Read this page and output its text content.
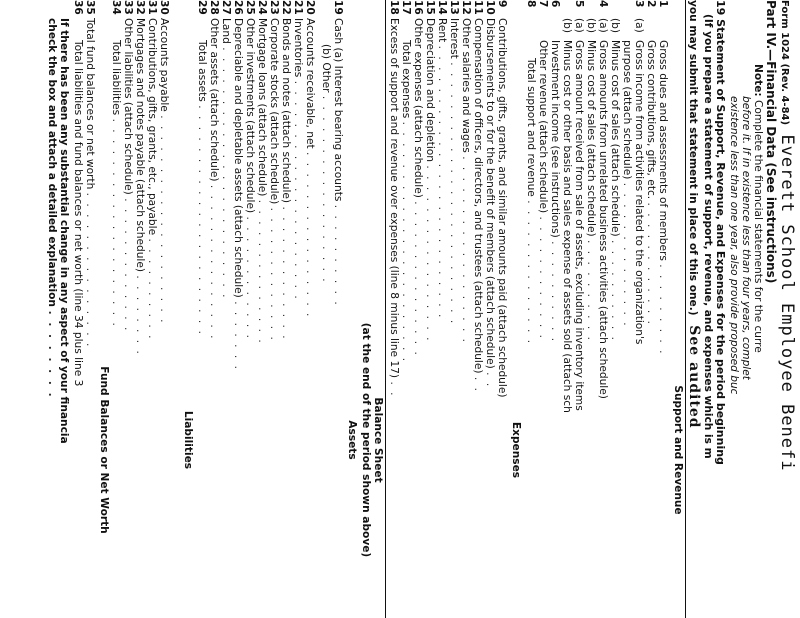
Form 1024 (Rev. 4-84) Everett School Employee Benefi
Part IV.—Financial Data (See instructions)
Note: Complete the financial statements for the curre
before it. If in existence less than four years, complet
existence less than one year, also provide proposed buc
19 Statement of Support, Revenue, and Expenses for the period beginning
(If you prepare a statement of support, revenue, and expenses which is m
you may submit that statement in place of this one.) See audited
Support and Revenue
1Gross dues and assessments of members . . . . . . . . .
2Gross contributions, gifts, etc. . . . . . . . . . . . .
3(a)Gross income from activities related to the organization's
purpose (attach schedule) . . . . . . . . . . . . . .
(b)Minus cost of sales (attach schedule) . . . . . . . . . .
4(a)Gross amounts from unrelated business activities (attach schedule)
(b)Minus cost of sales (attach schedule) . . . . . . . . . .
5(a)Gross amount received from sale of assets, excluding inventory items
(b)Minus cost or other basis and sales expense of assets sold (attach sch
6Investment income (see instructions) . . . . . . . . . .
7Other revenue (attach schedule) . . . . . . . . . . . .
8Total support and revenue . . . . . . . . . . . . . .
Expenses
9Contributions, gifts, grants, and similar amounts paid (attach schedule)
10Disbursements to or for the benefit of members (attach schedule) . .
11Compensation of officers, directors, and trustees (attach schedule) . .
12Other salaries and wages . . . . . . . . . . . . . . . . . .
13Interest . . . . . . . . . . . . . . . . . . . . . . . . .
14Rent . . . . . . . . . . . . . . . . . . . . . . . . . .
15Depreciation and depletion . . . . . . . . . . . . . . . . .
16Other expenses (attach schedule) . . . . . . . . . . . . . . .
17Total expenses . . . . . . . . . . . . . . . . . . . . . . .
18Excess of support and revenue over expenses (line 8 minus line 17) . .
Balance Sheet
(at the end of the period shown above)
Assets
19Cash (a) Interest bearing accounts . . . . . . . . . .
(b) Other . . . . . . . . . . . . . . . . . .
20Accounts receivable, net . . . . . . . . . . . . . . . .
21Inventories . . . . . . . . . . . . . . . . . . . . .
22Bonds and notes (attach schedule) . . . . . . . . . . . . .
23Corporate stocks (attach schedule) . . . . . . . . . . . . .
24Mortgage loans (attach schedule) . . . . . . . . . . . . . .
25Other investments (attach schedule) . . . . . . . . . . . .
26Depreciable and depletable assets (attach schedule) . . . . . . .
27Land . . . . . . . . . . . . . . . . . . . . . . . .
28Other assets (attach schedule) . . . . . . . . . . . . . . .
29Total assets . . . . . . . . . . . . . . . . . . . . . .
Liabilities
30Accounts payable . . . . . . . . . . . . . . . . . . . .
31Contributions, gifts, grants, etc., payable . . . . . . . . . .
32Mortgages and notes payable (attach schedule) . . . . . . . .
33Other liabilities (attach schedule) . . . . . . . . . . . . .
34Total liabilities . . . . . . . . . . . . . . . . . . . .
Fund Balances or Net Worth
35Total fund balances or net worth . . . . . . . . . . . . . . .
36Total liabilities and fund balances or net worth (line 34 plus line 3
If there has been any substantial change in any aspect of your financia
check the box and attach a detailed explanation . . . . . . . .
